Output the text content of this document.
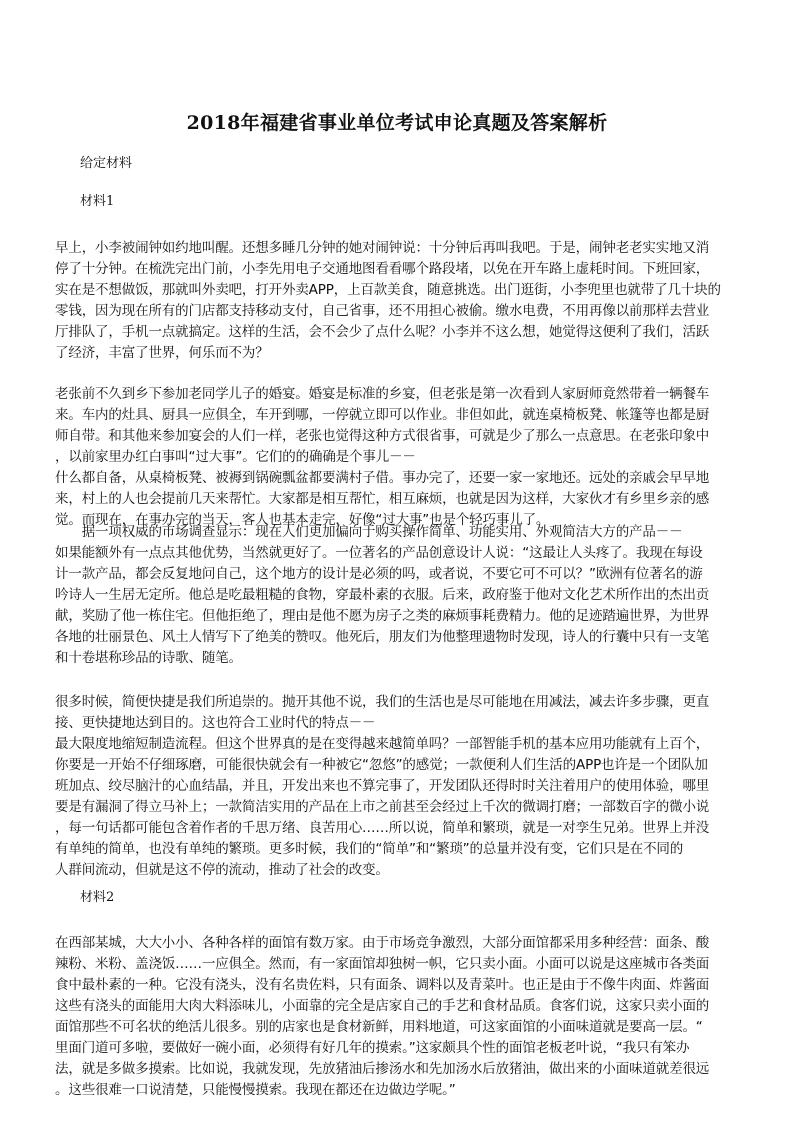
2018年福建省事业单位考试申论真题及答案解析
给定材料
材料1
早上，小李被闹钟如约地叫醒。还想多睡几分钟的她对闹钟说：十分钟后再叫我吧。于是，闹钟老老实实地又消
停了十分钟。在梳洗完出门前，小李先用电子交通地图看看哪个路段堵，以免在开车路上虚耗时间。下班回家，
实在是不想做饭，那就叫外卖吧，打开外卖APP，上百款美食，随意挑选。出门逛街，小李兜里也就带了几十块的
零钱，因为现在所有的门店都支持移动支付，自己省事，还不用担心被偷。缴水电费，不用再像以前那样去营业
厅排队了，手机一点就搞定。这样的生活，会不会少了点什么呢？小李并不这么想，她觉得这便利了我们，活跃
了经济，丰富了世界，何乐而不为？
老张前不久到乡下参加老同学儿子的婚宴。婚宴是标准的乡宴，但老张是第一次看到人家厨师竟然带着一辆餐车
来。车内的灶具、厨具一应俱全，车开到哪，一停就立即可以作业。非但如此，就连桌椅板凳、帐篷等也都是厨
师自带。和其他来参加宴会的人们一样，老张也觉得这种方式很省事，可就是少了那么一点意思。在老张印象中
，以前家里办红白事叫“过大事”。它们的的确确是个事儿－－
什么都自备，从桌椅板凳、被褥到锅碗瓢盆都要满村子借。事办完了，还要一家一家地还。远处的亲戚会早早地
来，村上的人也会提前几天来帮忙。大家都是相互帮忙，相互麻烦，也就是因为这样，大家伙才有乡里乡亲的感
觉。而现在，在事办完的当天，客人也基本走完，好像“过大事”也是个轻巧事儿了。
　　据一项权威的市场调查显示：现在人们更加偏向于购买操作简单、功能实用、外观简洁大方的产品－－
如果能额外有一点点其他优势，当然就更好了。一位著名的产品创意设计人说：“这最让人头疼了。我现在每设
计一款产品，都会反复地问自己，这个地方的设计是必须的吗，或者说，不要它可不可以？”欧洲有位著名的游
吟诗人一生居无定所。他总是吃最粗糙的食物，穿最朴素的衣服。后来，政府鉴于他对文化艺术所作出的杰出贡
献，奖励了他一栋住宅。但他拒绝了，理由是他不愿为房子之类的麻烦事耗费精力。他的足迹踏遍世界，为世界
各地的壮丽景色、风土人情写下了绝美的赞叹。他死后，朋友们为他整理遗物时发现，诗人的行囊中只有一支笔
和十卷堪称珍品的诗歌、随笔。
很多时候，简便快捷是我们所追崇的。抛开其他不说，我们的生活也是尽可能地在用减法，减去许多步骤，更直
接、更快捷地达到目的。这也符合工业时代的特点－－
最大限度地缩短制造流程。但这个世界真的是在变得越来越简单吗？一部智能手机的基本应用功能就有上百个，
你要是一开始不仔细琢磨，可能很快就会有一种被它“忽悠”的感觉；一款便利人们生活的APP也许是一个团队加
班加点、绞尽脑汁的心血结晶，并且，开发出来也不算完事了，开发团队还得时时关注着用户的使用体验，哪里
要是有漏洞了得立马补上；一款简洁实用的产品在上市之前甚至会经过上千次的微调打磨；一部数百字的微小说
，每一句话都可能包含着作者的千思万绪、良苦用心……所以说，简单和繁琐，就是一对孪生兄弟。世界上并没
有单纯的简单，也没有单纯的繁琐。更多时候，我们的“简单”和“繁琐”的总量并没有变，它们只是在不同的
人群间流动，但就是这不停的流动，推动了社会的改变。
材料2
在西部某城，大大小小、各种各样的面馆有数万家。由于市场竞争激烈，大部分面馆都采用多种经营：面条、酸
辣粉、米粉、盖浇饭……一应俱全。然而，有一家面馆却独树一帜，它只卖小面。小面可以说是这座城市各类面
食中最朴素的一种。它没有浇头，没有名贵佐料，只有面条、调料以及青菜叶。也正是由于不像牛肉面、炸酱面
这些有浇头的面能用大肉大料添味儿，小面靠的完全是店家自己的手艺和食材品质。食客们说，这家只卖小面的
面馆那些不可名状的绝活儿很多。别的店家也是食材新鲜，用料地道，可这家面馆的小面味道就是要高一层。“
里面门道可多啦，要做好一碗小面，必须得有好几年的摸索。”这家颇具个性的面馆老板老叶说，“我只有笨办
法，就是多做多摸索。比如说，我就发现，先放猪油后掺汤水和先加汤水后放猪油，做出来的小面味道就差很远
。这些很难一口说清楚，只能慢慢摸索。我现在都还在边做边学呢。”
